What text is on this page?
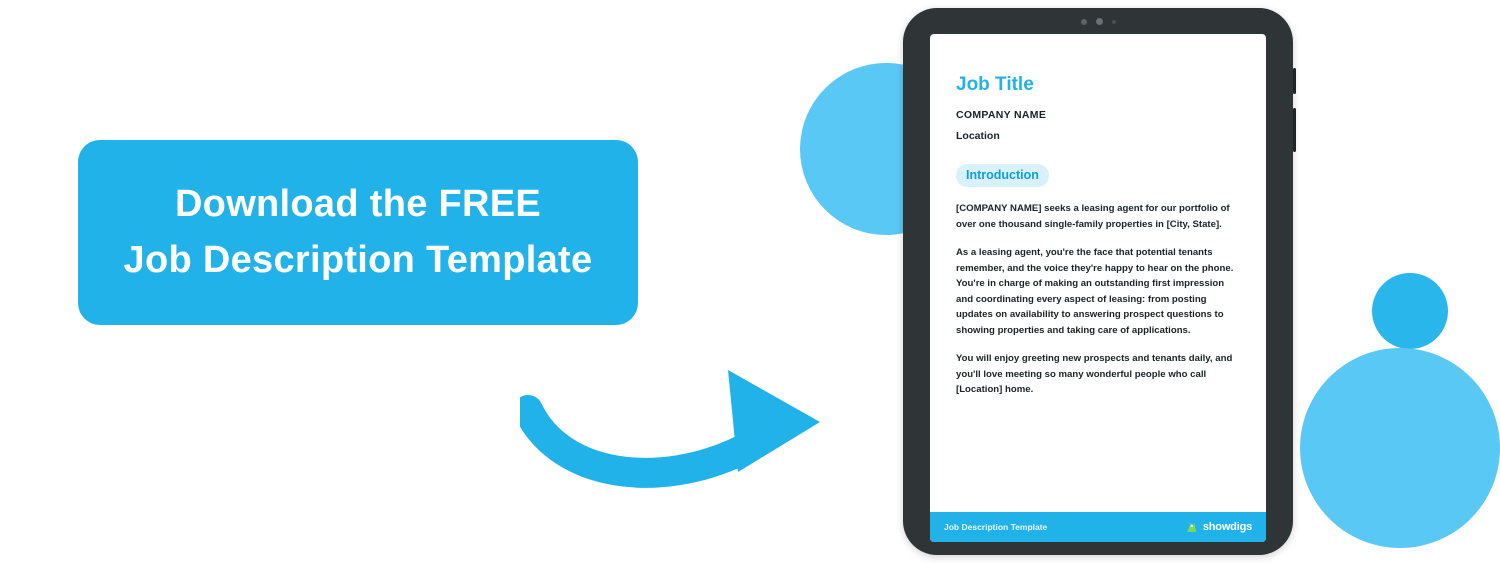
Download the FREE
Job Description Template
Job Title
COMPANY NAME
Location
Introduction

[COMPANY NAME] seeks a leasing agent for our portfolio of over one thousand single-family properties in [City, State].

As a leasing agent, you're the face that potential tenants remember, and the voice they're happy to hear on the phone. You're in charge of making an outstanding first impression and coordinating every aspect of leasing: from posting updates on availability to answering prospect questions to showing properties and taking care of applications.

You will enjoy greeting new prospects and tenants daily, and you'll love meeting so many wonderful people who call [Location] home.

Job Description Template	showdigs
